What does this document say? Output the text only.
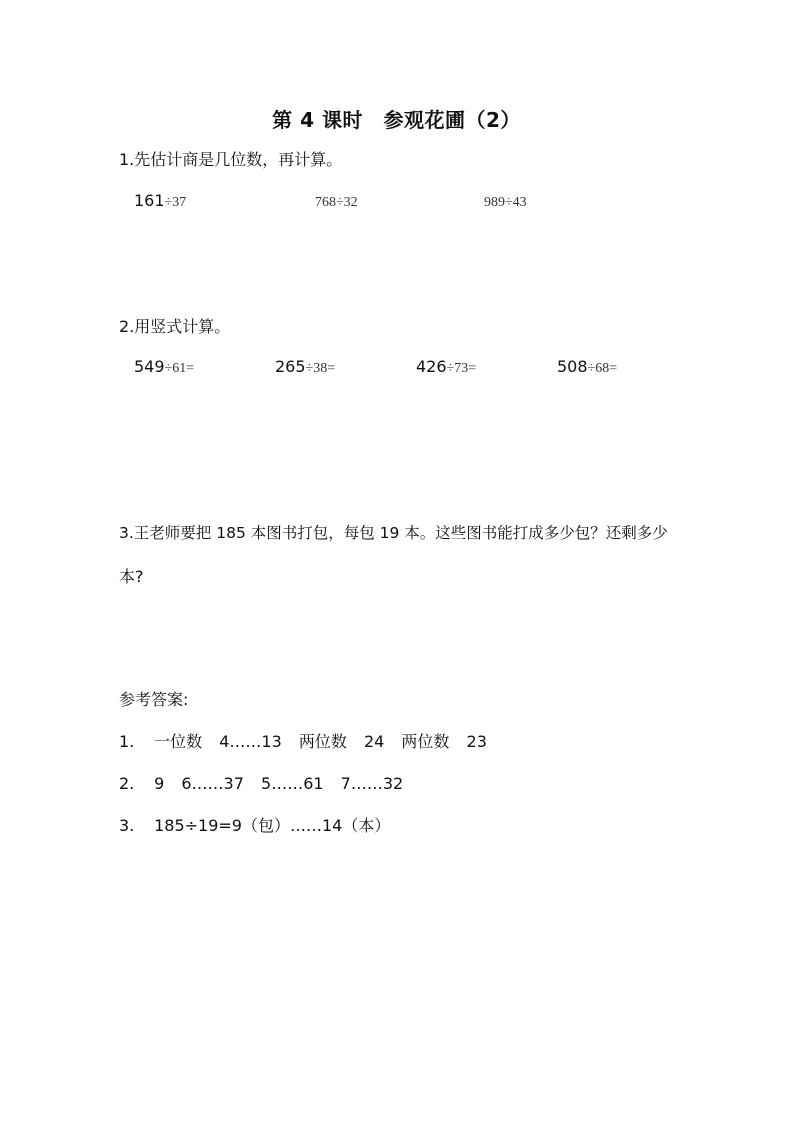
第 4 课时　参观花圃（2）
1.先估计商是几位数，再计算。
161÷37	768÷32	989÷43
2.用竖式计算。
549÷61=	265÷38=	426÷73=	508÷68=
3.王老师要把 185 本图书打包，每包 19 本。这些图书能打成多少包？还剩多少
本?
参考答案:
1. 一位数 4……13 两位数 24 两位数 23
2. 9 6……37 5……61 7……32
3. 185÷19=9（包）……14（本）
